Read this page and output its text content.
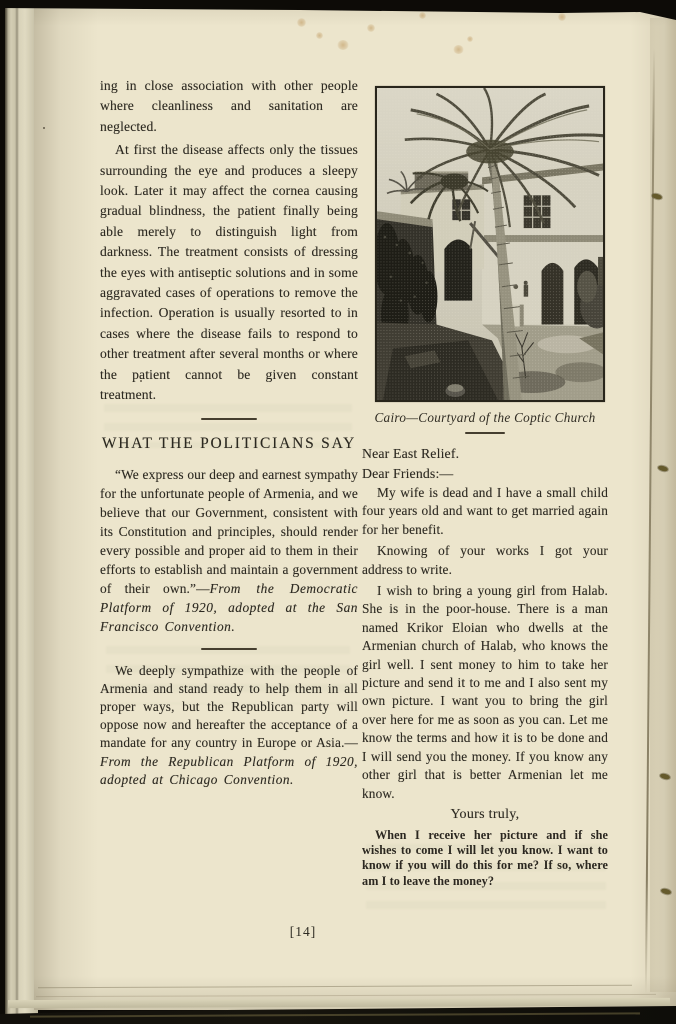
ing in close association with other people where cleanliness and sanitation are neglected.

At first the disease affects only the tissues surrounding the eye and produces a sleepy look. Later it may affect the cornea causing gradual blindness, the patient finally being able merely to distinguish light from darkness. The treatment consists of dressing the eyes with antiseptic solutions and in some aggravated cases of operations to remove the infection. Operation is usually resorted to in cases where the disease fails to respond to other treatment after several months or where the patient cannot be given constant treatment.

WHAT THE POLITICIANS SAY

“We express our deep and earnest sympathy for the unfortunate people of Armenia, and we believe that our Government, consistent with its Constitution and principles, should render every possible and proper aid to them in their efforts to establish and maintain a government of their own.”—From the Democratic Platform of 1920, adopted at the San Francisco Convention.

We deeply sympathize with the people of Armenia and stand ready to help them in all proper ways, but the Republican party will oppose now and hereafter the acceptance of a mandate for any country in Europe or Asia.—From the Republican Platform of 1920, adopted at Chicago Convention.

Cairo—Courtyard of the Coptic Church

Near East Relief.

Dear Friends:—

My wife is dead and I have a small child four years old and want to get married again for her benefit.

Knowing of your works I got your address to write.

I wish to bring a young girl from Halab. She is in the poor-house. There is a man named Krikor Eloian who dwells at the Armenian church of Halab, who knows the girl well. I sent money to him to take her picture and send it to me and I also sent my own picture. I want you to bring the girl over here for me as soon as you can. Let me know the terms and how it is to be done and I will send you the money. If you know any other girl that is better Armenian let me know.

Yours truly,

When I receive her picture and if she wishes to come I will let you know. I want to know if you will do this for me? If so, where am I to leave the money?

[14]
